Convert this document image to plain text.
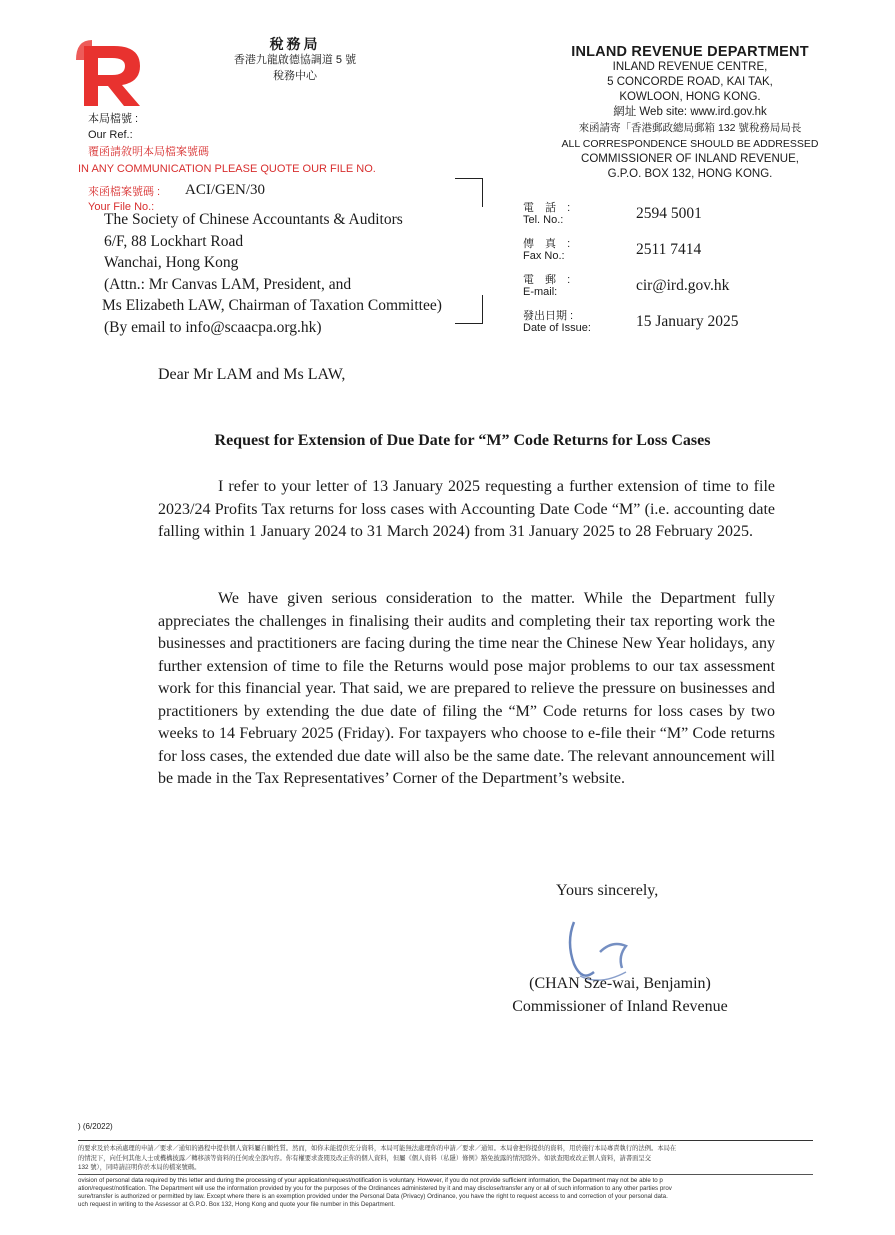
稅務局
香港九龍啟德協調道 5 號
稅務中心
INLAND REVENUE DEPARTMENT
INLAND REVENUE CENTRE,
5 CONCORDE ROAD, KAI TAK,
KOWLOON, HONG KONG.
網址 Web site: www.ird.gov.hk
來函請寄「香港郵政總局郵箱 132 號稅務局局長
ALL CORRESPONDENCE SHOULD BE ADDRESSED
COMMISSIONER OF INLAND REVENUE,
G.P.O. BOX 132, HONG KONG.
本局檔號 :
Our Ref.:
覆函請敘明本局檔案號碼
IN ANY COMMUNICATION PLEASE QUOTE OUR FILE NO.
來函檔案號碼 :
Your File No.:
ACI/GEN/30
The Society of Chinese Accountants & Auditors
6/F, 88 Lockhart Road
Wanchai, Hong Kong
(Attn.: Mr Canvas LAM, President, and
Ms Elizabeth LAW, Chairman of Taxation Committee)
(By email to info@scaacpa.org.hk)
電 話 :
Tel. No.:	2594 5001
傳 真 :
Fax No.:	2511 7414
電 郵 :
E-mail:	cir@ird.gov.hk
發出日期 :
Date of Issue:	15 January 2025
Dear Mr LAM and Ms LAW,
Request for Extension of Due Date for “M” Code Returns for Loss Cases

I refer to your letter of 13 January 2025 requesting a further extension of time to file 2023/24 Profits Tax returns for loss cases with Accounting Date Code “M” (i.e. accounting date falling within 1 January 2024 to 31 March 2024) from 31 January 2025 to 28 February 2025.

We have given serious consideration to the matter. While the Department fully appreciates the challenges in finalising their audits and completing their tax reporting work the businesses and practitioners are facing during the time near the Chinese New Year holidays, any further extension of time to file the Returns would pose major problems to our tax assessment work for this financial year. That said, we are prepared to relieve the pressure on businesses and practitioners by extending the due date of filing the “M” Code returns for loss cases by two weeks to 14 February 2025 (Friday). For taxpayers who choose to e-file their “M” Code returns for loss cases, the extended due date will also be the same date. The relevant announcement will be made in the Tax Representatives’ Corner of the Department’s website.

Yours sincerely,
(CHAN Sze-wai, Benjamin)
Commissioner of Inland Revenue
) (6/2022)
的要求及於本函處理的申請／要求／通知的過程中提供個人資料屬自願性質。然而，如你未能提供充分資料，本局可能無法處理你的申請／要求／通知。本局會把你提供的資料，用於施行本局專責執行的法例。本局在
的情況下，向任何其他人士或機構披露／轉移該等資料的任何或全部內容。你有權要求查閱及改正你的個人資料，但屬《個人資料（私隱）條例》豁免披露的情況除外。如欲查閱或改正個人資料，請書面呈交
132 號），同時請註明你於本局的檔案號碼。
ovision of personal data required by this letter and during the processing of your application/request/notification is voluntary. However, if you do not provide sufficient information, the Department may not be able to p
ation/request/notification. The Department will use the information provided by you for the purposes of the Ordinances administered by it and may disclose/transfer any or all of such information to any other parties prov
sure/transfer is authorized or permitted by law. Except where there is an exemption provided under the Personal Data (Privacy) Ordinance, you have the right to request access to and correction of your personal data.
uch request in writing to the Assessor at G.P.O. Box 132, Hong Kong and quote your file number in this Department.
